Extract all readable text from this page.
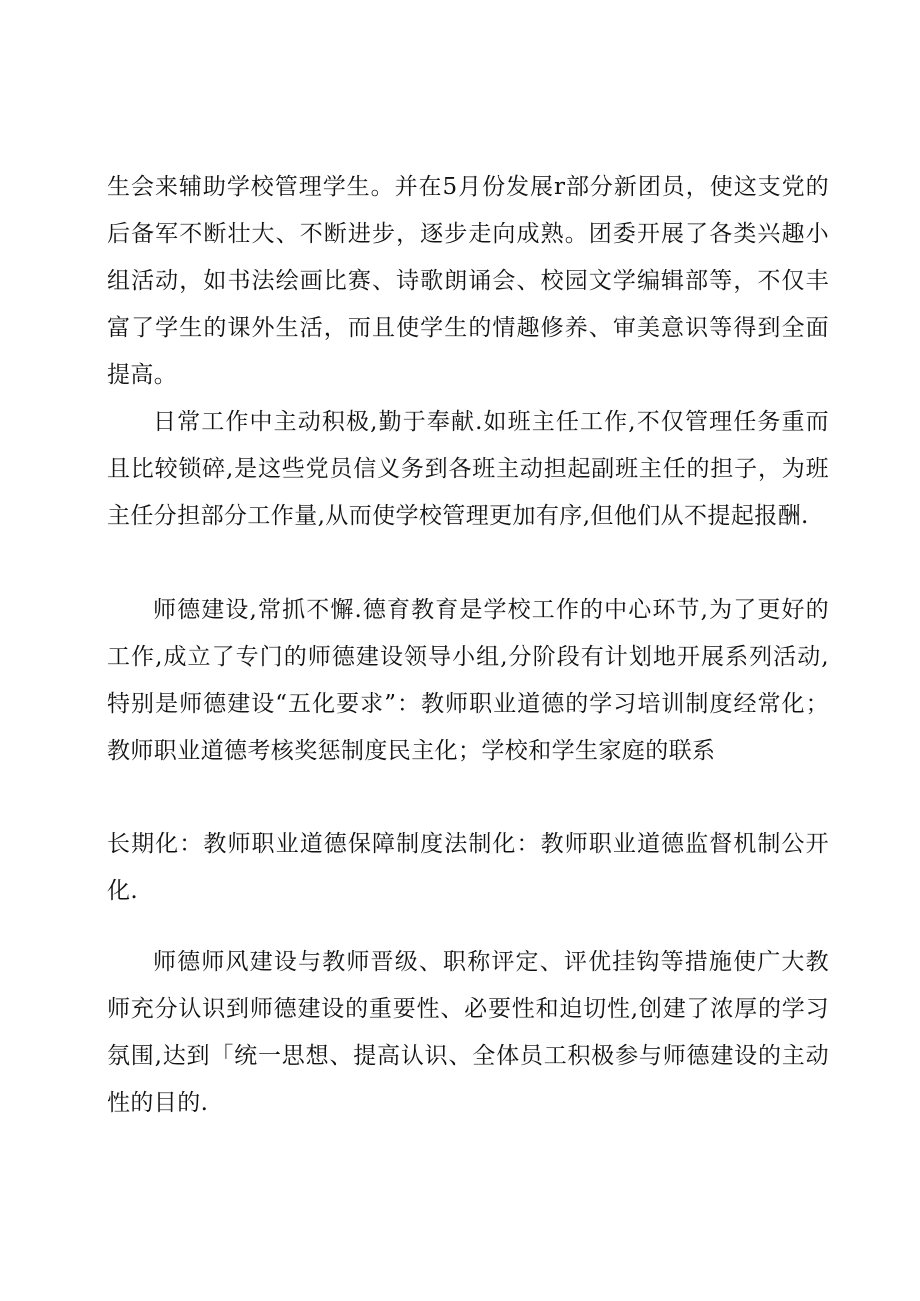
生会来辅助学校管理学生。并在5月份发展r部分新团员，使这支党的后备军不断壮大、不断进步，逐步走向成熟。团委开展了各类兴趣小组活动，如书法绘画比赛、诗歌朗诵会、校园文学编辑部等，不仅丰富了学生的课外生活，而且使学生的情趣修养、审美意识等得到全面提高。

日常工作中主动积极,勤于奉献.如班主任工作,不仅管理任务重而且比较锁碎,是这些党员信义务到各班主动担起副班主任的担子，为班主任分担部分工作量,从而使学校管理更加有序,但他们从不提起报酬.

师德建设,常抓不懈.德育教育是学校工作的中心环节,为了更好的工作,成立了专门的师德建设领导小组,分阶段有计划地开展系列活动,特别是师德建设“五化要求”：教师职业道德的学习培训制度经常化；教师职业道德考核奖惩制度民主化；学校和学生家庭的联系

长期化：教师职业道德保障制度法制化：教师职业道德监督机制公开化.

师德师风建设与教师晋级、职称评定、评优挂钩等措施使广大教师充分认识到师德建设的重要性、必要性和迫切性,创建了浓厚的学习氛围,达到「统一思想、提高认识、全体员工积极参与师德建设的主动性的目的.
